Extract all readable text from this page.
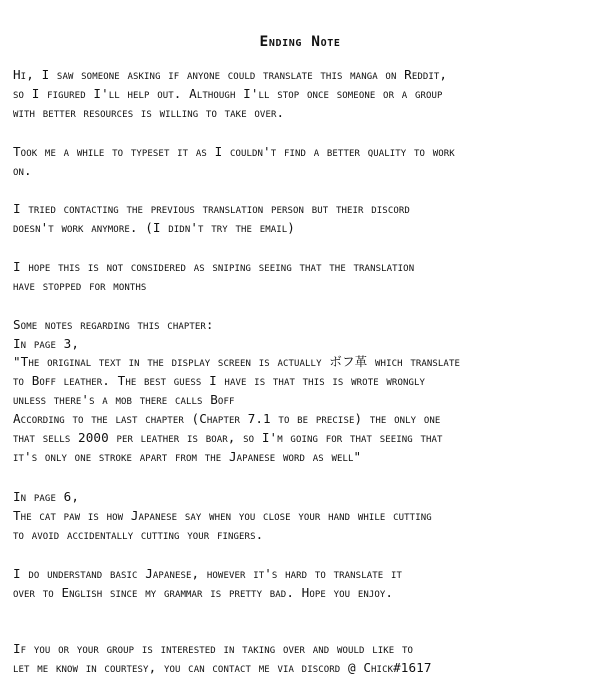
Ending Note
Hi, I saw someone asking if anyone could translate this manga on Reddit,
so I figured I'll help out. Although I'll stop once someone or a group
with better resources is willing to take over.
Took me a while to typeset it as I couldn't find a better quality to work
on.
I tried contacting the previous translation person but their discord
doesn't work anymore. (I didn't try the email)
I hope this is not considered as sniping seeing that the translation
have stopped for months
Some notes regarding this chapter:
In page 3,
"The original text in the display screen is actually ボフ革 which translate
to Boff leather. The best guess I have is that this is wrote wrongly
unless there's a mob there calls Boff
According to the last chapter (Chapter 7.1 to be precise) the only one
that sells 2000 per leather is boar, so I'm going for that seeing that
it's only one stroke apart from the Japanese word as well"
In page 6,
The cat paw is how Japanese say when you close your hand while cutting
to avoid accidentally cutting your fingers.
I do understand basic Japanese, however it's hard to translate it
over to English since my grammar is pretty bad. Hope you enjoy.
If you or your group is interested in taking over and would like to
let me know in courtesy, you can contact me via discord @ Chick#1617
